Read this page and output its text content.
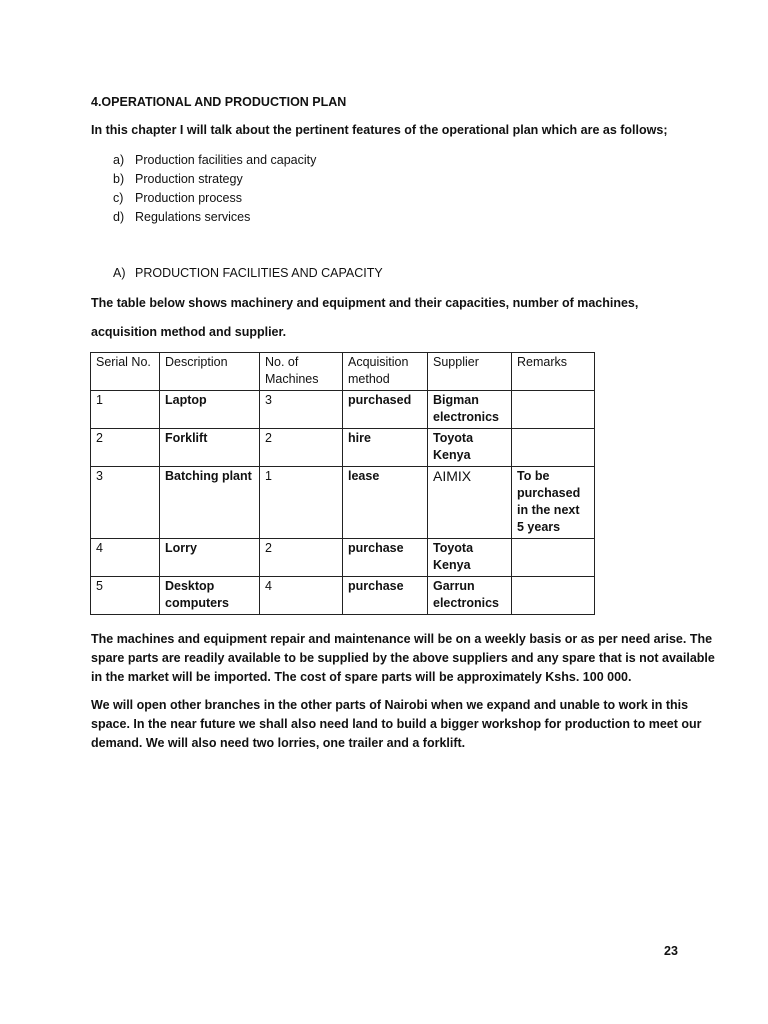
4.OPERATIONAL AND PRODUCTION PLAN
In this chapter I will talk about the pertinent features of the operational plan which are as follows;
a) Production facilities and capacity
b) Production strategy
c) Production process
d) Regulations services
A) PRODUCTION FACILITIES AND CAPACITY
The table below shows machinery and equipment and their capacities, number of machines,
acquisition method and supplier.
Serial No.	Description	No. of Machines	Acquisition method	Supplier	Remarks
1	Laptop	3	purchased	Bigman electronics	
2	Forklift	2	hire	Toyota Kenya	
3	Batching plant	1	lease	AIMIX	To be purchased in the next 5 years
4	Lorry	2	purchase	Toyota Kenya	
5	Desktop computers	4	purchase	Garrun electronics	
The machines and equipment repair and maintenance will be on a weekly basis or as per need arise. The
spare parts are readily available to be supplied by the above suppliers and any spare that is not available
in the market will be imported. The cost of spare parts will be approximately Kshs. 100 000.
We will open other branches in the other parts of Nairobi when we expand and unable to work in this
space. In the near future we shall also need land to build a bigger workshop for production to meet our
demand. We will also need two lorries, one trailer and a forklift.
23
